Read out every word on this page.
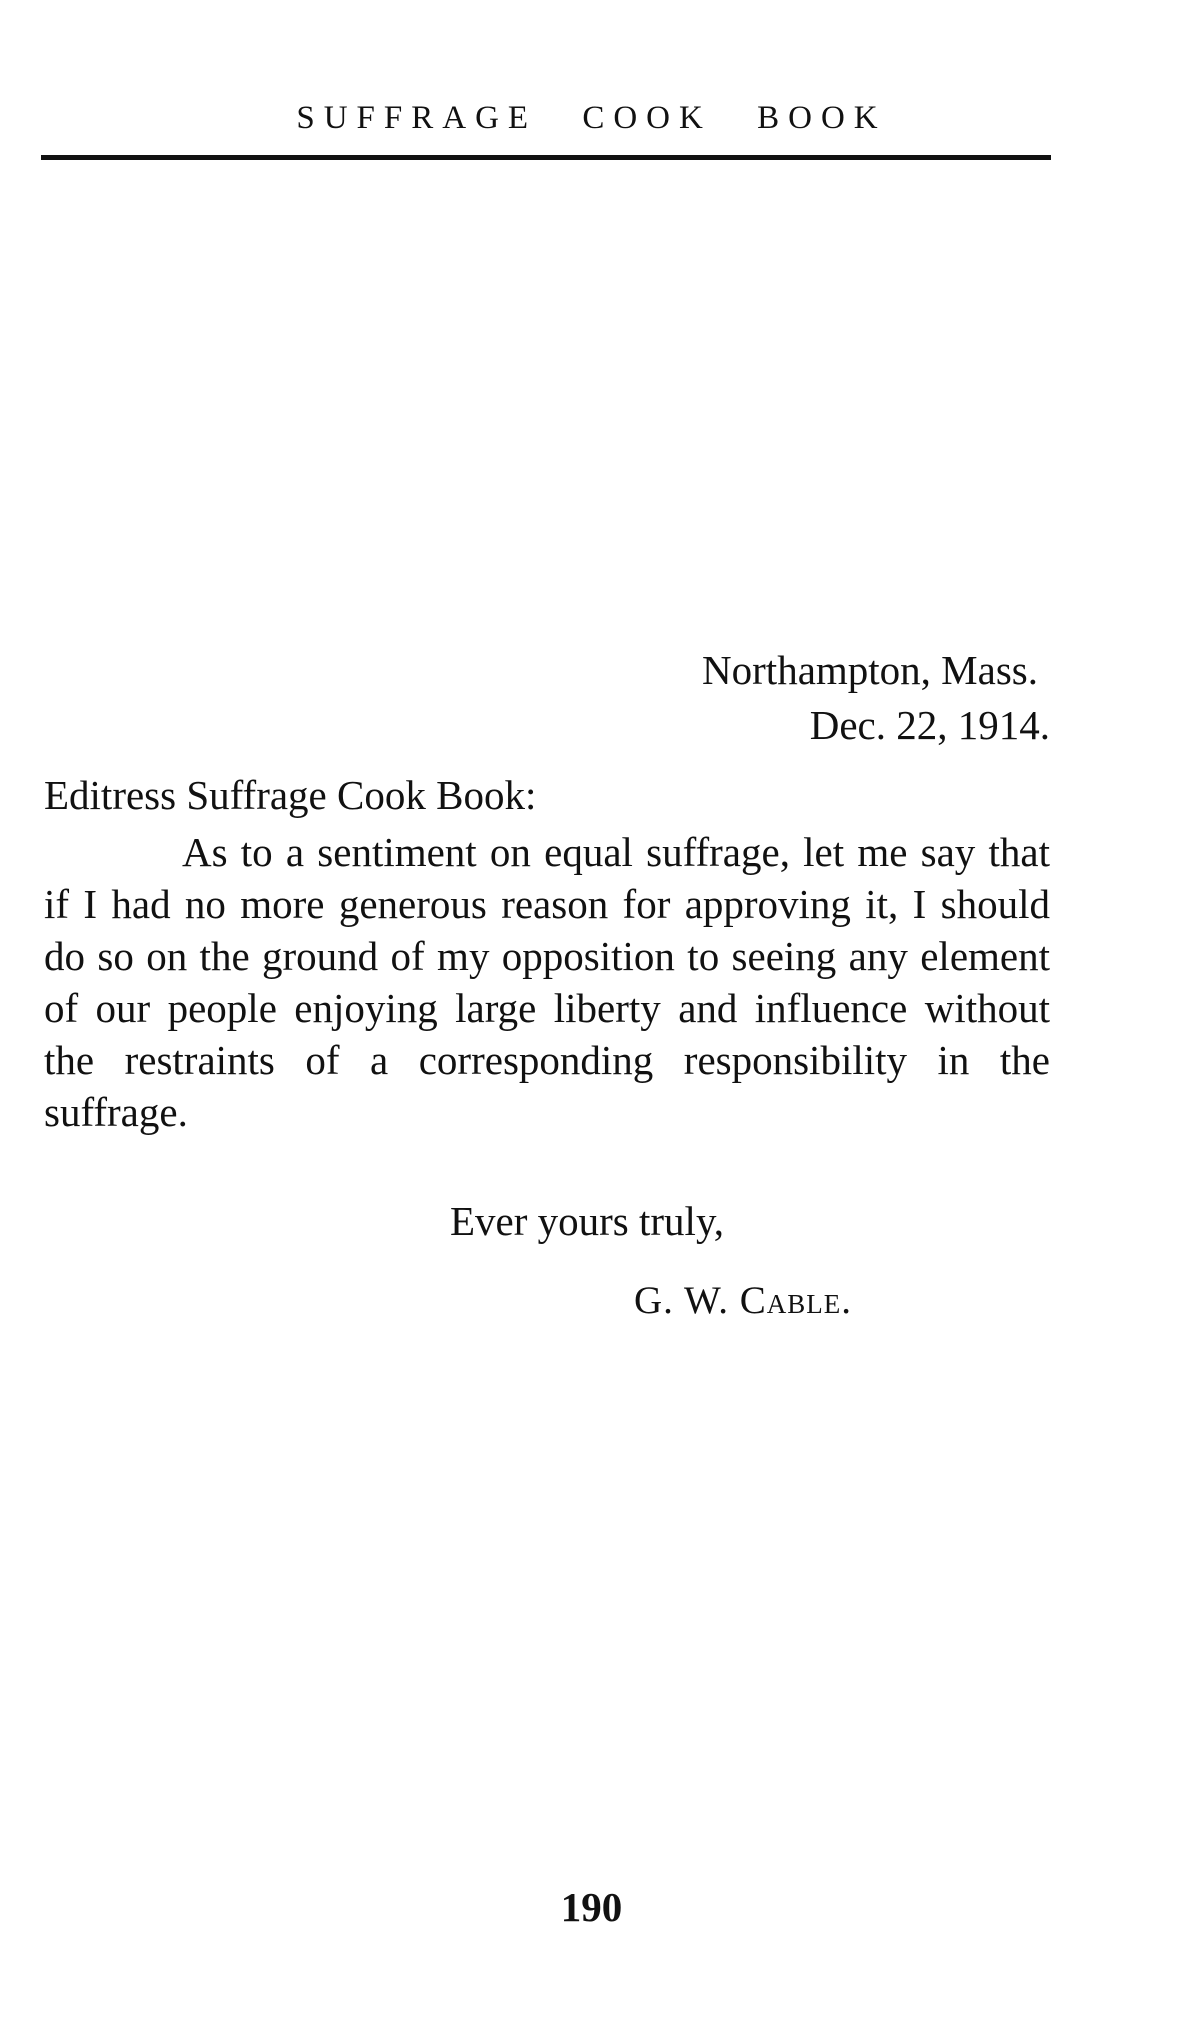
SUFFRAGE COOK BOOK
Northampton, Mass.
Dec. 22, 1914.
Editress Suffrage Cook Book:

As to a sentiment on equal suffrage, let me say that if I had no more generous reason for approving it, I should do so on the ground of my opposition to seeing any element of our people enjoying large liberty and influence without the restraints of a corresponding responsibility in the suffrage.

Ever yours truly,
G. W. Cable.
190
